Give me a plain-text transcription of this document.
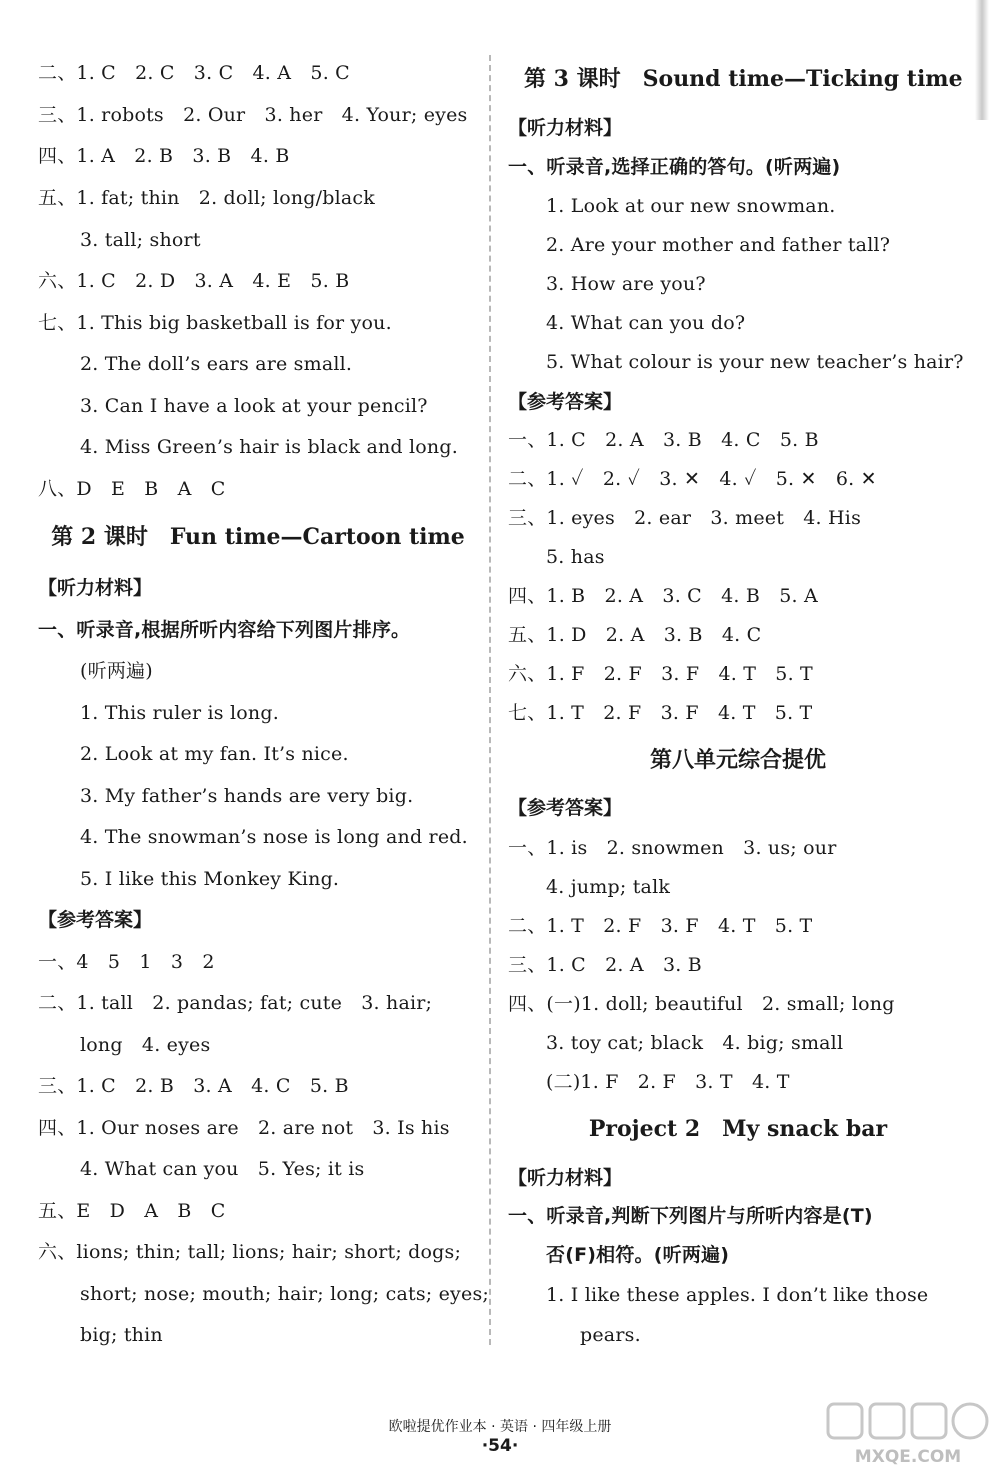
二、1. C　2. C　3. C　4. A　5. C
三、1. robots　2. Our　3. her　4. Your; eyes
四、1. A　2. B　3. B　4. B
五、1. fat; thin　2. doll; long/black
3. tall; short
六、1. C　2. D　3. A　4. E　5. B
七、1. This big basketball is for you.
2. The doll’s ears are small.
3. Can I have a look at your pencil?
4. Miss Green’s hair is black and long.
八、D　E　B　A　C
第 2 课时　Fun time—Cartoon time
【听力材料】
一、听录音,根据所听内容给下列图片排序。
(听两遍)
1. This ruler is long.
2. Look at my fan. It’s nice.
3. My father’s hands are very big.
4. The snowman’s nose is long and red.
5. I like this Monkey King.
【参考答案】
一、4　5　1　3　2
二、1. tall　2. pandas; fat; cute　3. hair;
long　4. eyes
三、1. C　2. B　3. A　4. C　5. B
四、1. Our noses are　2. are not　3. Is his
4. What can you　5. Yes; it is
五、E　D　A　B　C
六、lions; thin; tall; lions; hair; short; dogs;
short; nose; mouth; hair; long; cats; eyes;
big; thin
第 3 课时　Sound time—Ticking time
【听力材料】
一、听录音,选择正确的答句。(听两遍)
1. Look at our new snowman.
2. Are your mother and father tall?
3. How are you?
4. What can you do?
5. What colour is your new teacher’s hair?
【参考答案】
一、1. C　2. A　3. B　4. C　5. B
二、1. ✓　2. ✓　3. ✕　4. ✓　5. ✕　6. ✕
三、1. eyes　2. ear　3. meet　4. His
5. has
四、1. B　2. A　3. C　4. B　5. A
五、1. D　2. A　3. B　4. C
六、1. F　2. F　3. F　4. T　5. T
七、1. T　2. F　3. F　4. T　5. T
第八单元综合提优
【参考答案】
一、1. is　2. snowmen　3. us; our
4. jump; talk
二、1. T　2. F　3. F　4. T　5. T
三、1. C　2. A　3. B
四、(一)1. doll; beautiful　2. small; long
3. toy cat; black　4. big; small
(二)1. F　2. F　3. T　4. T
Project 2　My snack bar
【听力材料】
一、听录音,判断下列图片与所听内容是(T)
否(F)相符。(听两遍)
1. I like these apples. I don’t like those
pears.
欧啦提优作业本 · 英语 · 四年级上册
·54·
MXQE.COM
